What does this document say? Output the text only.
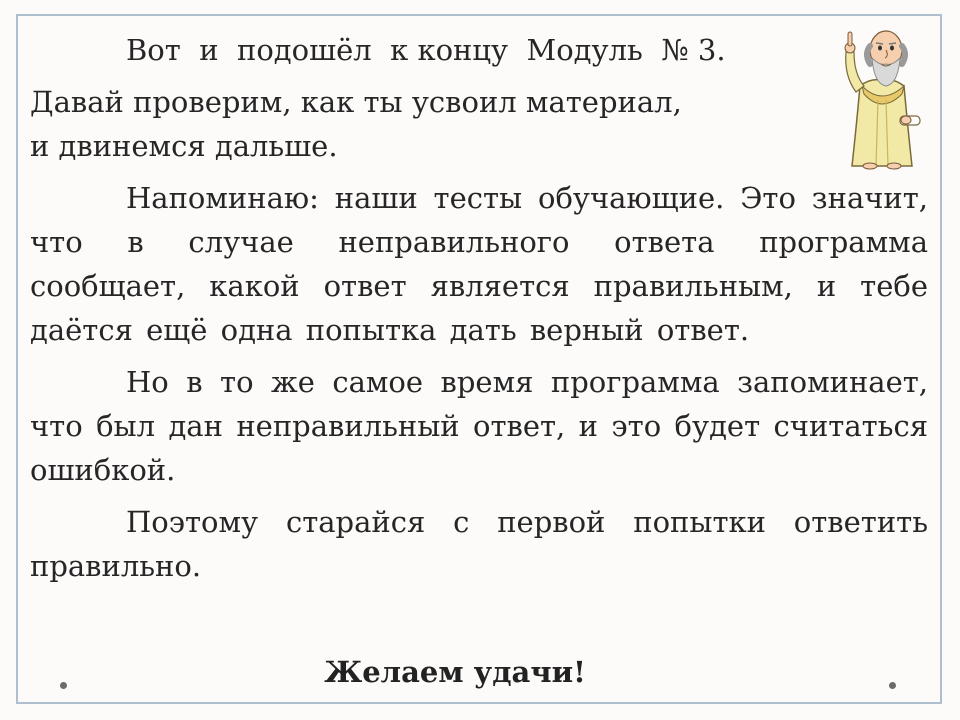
Вот  и  подошёл  к концу  Модуль  № 3.

Давай проверим, как ты усвоил материал,

и двинемся дальше.

Напоминаю: наши тесты обучающие. Это значит, что в случае неправильного ответа программа сообщает, какой ответ является правильным, и тебе даётся ещё одна попытка дать верный ответ.

Но в то же самое время программа запоминает, что был дан неправильный ответ, и это будет считаться ошибкой.

Поэтому старайся с первой попытки ответить правильно.

Желаем удачи!
